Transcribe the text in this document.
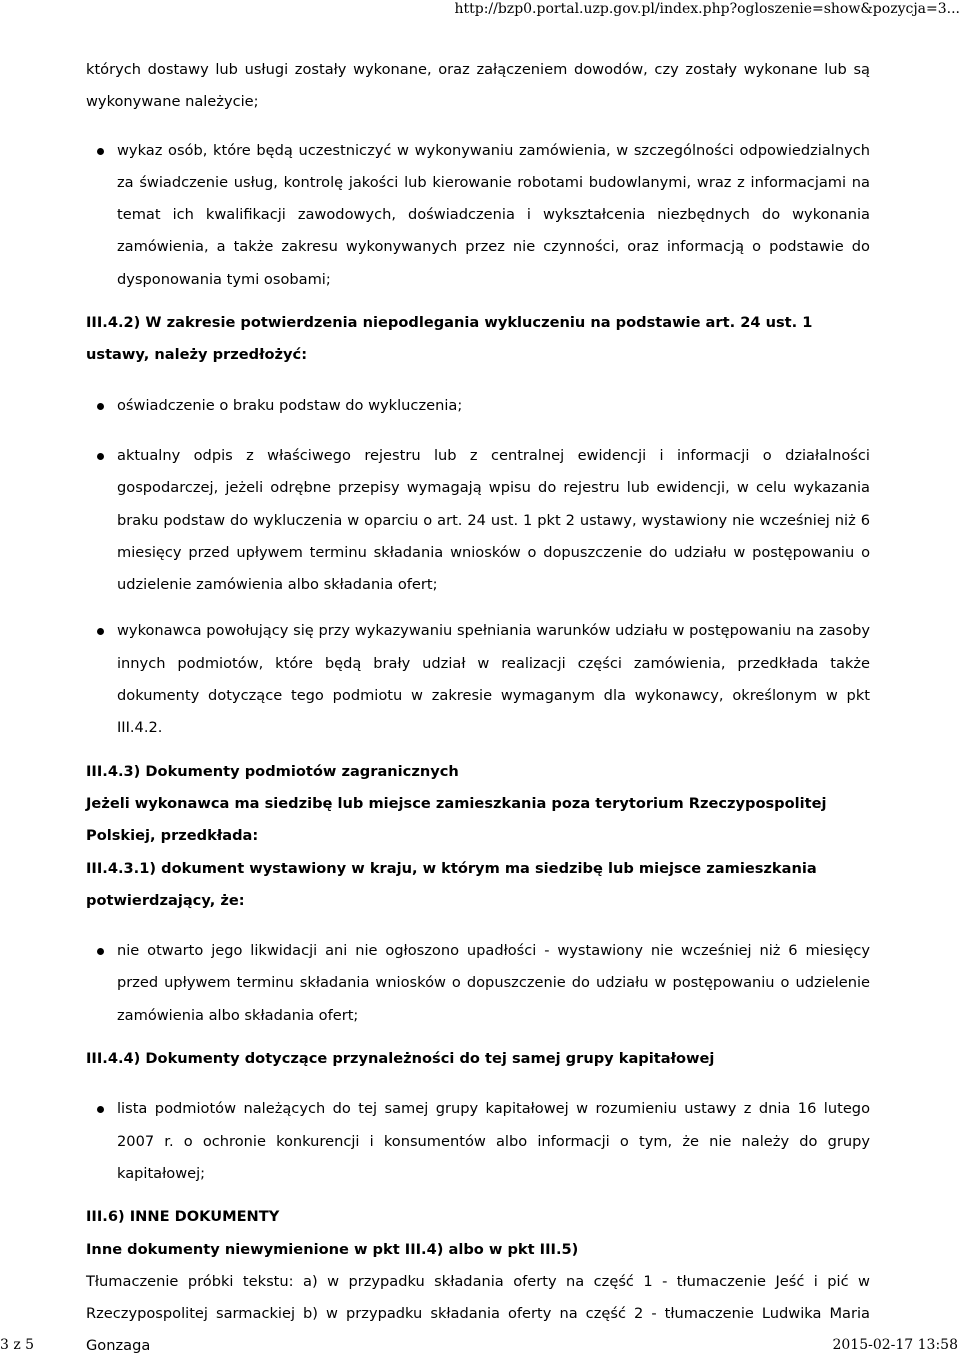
http://bzp0.portal.uzp.gov.pl/index.php?ogloszenie=show&pozycja=3...

których dostawy lub usługi zostały wykonane, oraz załączeniem dowodów, czy zostały wykonane lub są wykonywane należycie;

wykaz osób, które będą uczestniczyć w wykonywaniu zamówienia, w szczególności odpowiedzialnych za świadczenie usług, kontrolę jakości lub kierowanie robotami budowlanymi, wraz z informacjami na temat ich kwalifikacji zawodowych, doświadczenia i wykształcenia niezbędnych do wykonania zamówienia, a także zakresu wykonywanych przez nie czynności, oraz informacją o podstawie do dysponowania tymi osobami;

III.4.2) W zakresie potwierdzenia niepodlegania wykluczeniu na podstawie art. 24 ust. 1 ustawy, należy przedłożyć:

oświadczenie o braku podstaw do wykluczenia;
aktualny odpis z właściwego rejestru lub z centralnej ewidencji i informacji o działalności gospodarczej, jeżeli odrębne przepisy wymagają wpisu do rejestru lub ewidencji, w celu wykazania braku podstaw do wykluczenia w oparciu o art. 24 ust. 1 pkt 2 ustawy, wystawiony nie wcześniej niż 6 miesięcy przed upływem terminu składania wniosków o dopuszczenie do udziału w postępowaniu o udzielenie zamówienia albo składania ofert;
wykonawca powołujący się przy wykazywaniu spełniania warunków udziału w postępowaniu na zasoby innych podmiotów, które będą brały udział w realizacji części zamówienia, przedkłada także dokumenty dotyczące tego podmiotu w zakresie wymaganym dla wykonawcy, określonym w pkt III.4.2.

III.4.3) Dokumenty podmiotów zagranicznych

Jeżeli wykonawca ma siedzibę lub miejsce zamieszkania poza terytorium Rzeczypospolitej Polskiej, przedkłada:

III.4.3.1) dokument wystawiony w kraju, w którym ma siedzibę lub miejsce zamieszkania potwierdzający, że:

nie otwarto jego likwidacji ani nie ogłoszono upadłości - wystawiony nie wcześniej niż 6 miesięcy przed upływem terminu składania wniosków o dopuszczenie do udziału w postępowaniu o udzielenie zamówienia albo składania ofert;

III.4.4) Dokumenty dotyczące przynależności do tej samej grupy kapitałowej

lista podmiotów należących do tej samej grupy kapitałowej w rozumieniu ustawy z dnia 16 lutego 2007 r. o ochronie konkurencji i konsumentów albo informacji o tym, że nie należy do grupy kapitałowej;

III.6) INNE DOKUMENTY

Inne dokumenty niewymienione w pkt III.4) albo w pkt III.5)

Tłumaczenie próbki tekstu: a) w przypadku składania oferty na część 1 - tłumaczenie Jeść i pić w Rzeczypospolitej sarmackiej b) w przypadku składania oferty na część 2 - tłumaczenie Ludwika Maria Gonzaga

3 z 5	2015-02-17 13:58
